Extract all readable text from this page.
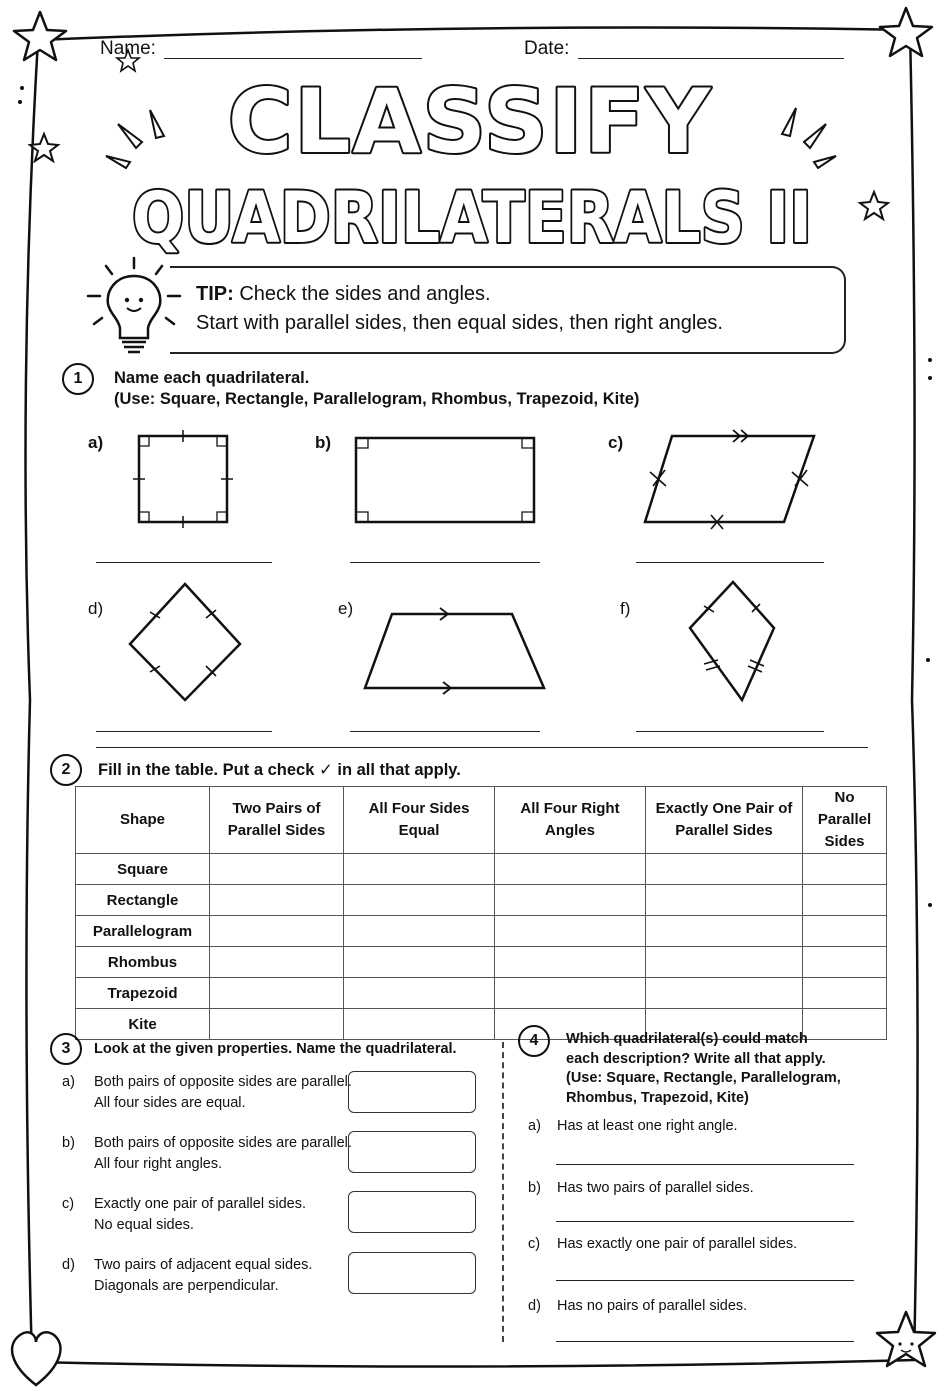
Name:	Date:
CLASSIFY
QUADRILATERALS II
TIP: Check the sides and angles.
Start with parallel sides, then equal sides, then right angles.
1	Name each quadrilateral.
(Use: Square, Rectangle, Parallelogram, Rhombus, Trapezoid, Kite)
a)	b)	c)
d)	e)	f)
2	Fill in the table. Put a check ✓ in all that apply.
Shape	Two Pairs of Parallel Sides	All Four Sides Equal	All Four Right Angles	Exactly One Pair of Parallel Sides	No Parallel Sides
Square					
Rectangle					
Parallelogram					
Rhombus					
Trapezoid					
Kite					
3	Look at the given properties. Name the quadrilateral.
a) Both pairs of opposite sides are parallel.
All four sides are equal.
b) Both pairs of opposite sides are parallel.
All four right angles.
c) Exactly one pair of parallel sides.
No equal sides.
d) Two pairs of adjacent equal sides.
Diagonals are perpendicular.
4	Which quadrilateral(s) could match
each description? Write all that apply.
(Use: Square, Rectangle, Parallelogram,
Rhombus, Trapezoid, Kite)
a) Has at least one right angle.
b) Has two pairs of parallel sides.
c) Has exactly one pair of parallel sides.
d) Has no pairs of parallel sides.
